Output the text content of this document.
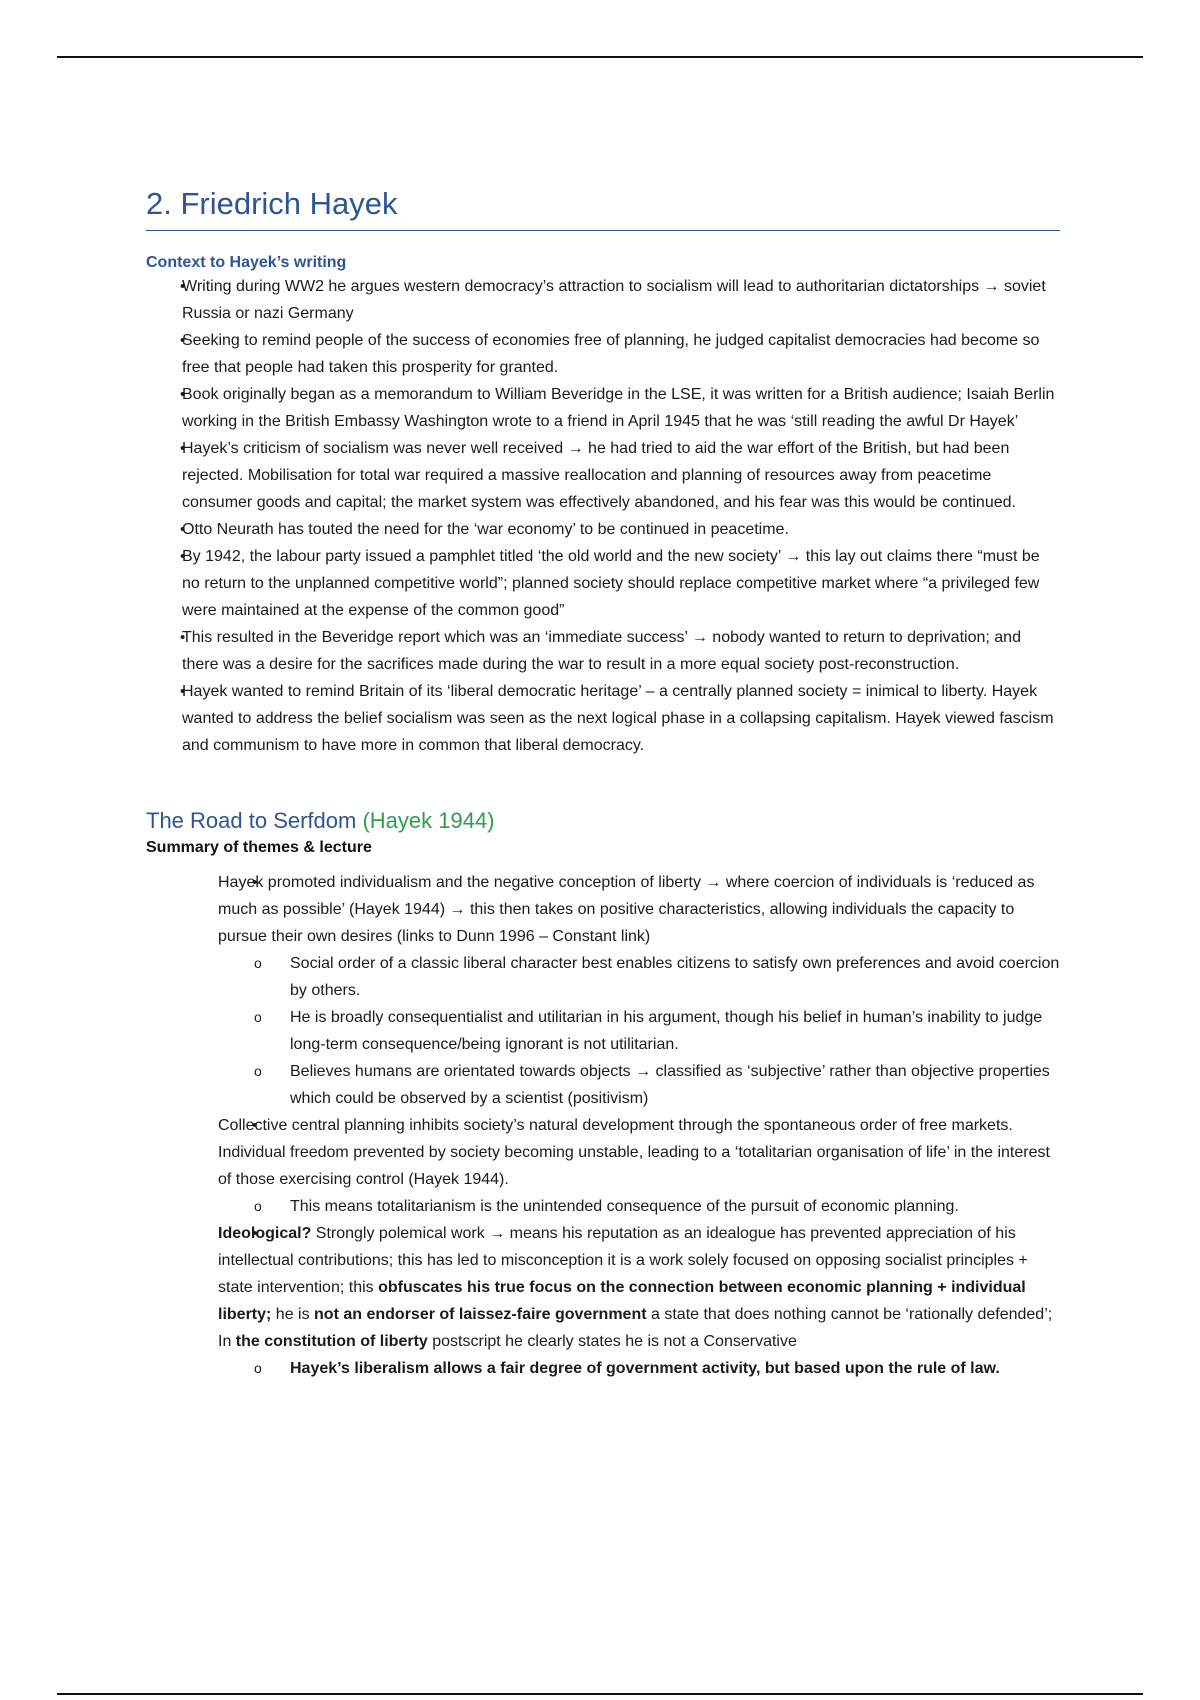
2. Friedrich Hayek
Context to Hayek’s writing
• Writing during WW2 he argues western democracy’s attraction to socialism will lead to authoritarian dictatorships → soviet Russia or nazi Germany
• Seeking to remind people of the success of economies free of planning, he judged capitalist democracies had become so free that people had taken this prosperity for granted.
• Book originally began as a memorandum to William Beveridge in the LSE, it was written for a British audience; Isaiah Berlin working in the British Embassy Washington wrote to a friend in April 1945 that he was ‘still reading the awful Dr Hayek’
• Hayek’s criticism of socialism was never well received → he had tried to aid the war effort of the British, but had been rejected. Mobilisation for total war required a massive reallocation and planning of resources away from peacetime consumer goods and capital; the market system was effectively abandoned, and his fear was this would be continued.
• Otto Neurath has touted the need for the ‘war economy’ to be continued in peacetime.
• By 1942, the labour party issued a pamphlet titled ‘the old world and the new society’ → this lay out claims there “must be no return to the unplanned competitive world”; planned society should replace competitive market where “a privileged few were maintained at the expense of the common good”
• This resulted in the Beveridge report which was an ‘immediate success’ → nobody wanted to return to deprivation; and there was a desire for the sacrifices made during the war to result in a more equal society post-reconstruction.
• Hayek wanted to remind Britain of its ‘liberal democratic heritage’ – a centrally planned society = inimical to liberty. Hayek wanted to address the belief socialism was seen as the next logical phase in a collapsing capitalism. Hayek viewed fascism and communism to have more in common that liberal democracy.
The Road to Serfdom (Hayek 1944)
Summary of themes & lecture
• Hayek promoted individualism and the negative conception of liberty → where coercion of individuals is ‘reduced as much as possible’ (Hayek 1944) → this then takes on positive characteristics, allowing individuals the capacity to pursue their own desires (links to Dunn 1996 – Constant link)
o Social order of a classic liberal character best enables citizens to satisfy own preferences and avoid coercion by others.
o He is broadly consequentialist and utilitarian in his argument, though his belief in human’s inability to judge long-term consequence/being ignorant is not utilitarian.
o Believes humans are orientated towards objects → classified as ‘subjective’ rather than objective properties which could be observed by a scientist (positivism)
• Collective central planning inhibits society’s natural development through the spontaneous order of free markets. Individual freedom prevented by society becoming unstable, leading to a ‘totalitarian organisation of life’ in the interest of those exercising control (Hayek 1944).
o This means totalitarianism is the unintended consequence of the pursuit of economic planning.
• Ideological? Strongly polemical work → means his reputation as an idealogue has prevented appreciation of his intellectual contributions; this has led to misconception it is a work solely focused on opposing socialist principles + state intervention; this obfuscates his true focus on the connection between economic planning + individual liberty; he is not an endorser of laissez-faire government a state that does nothing cannot be ‘rationally defended’; In the constitution of liberty postscript he clearly states he is not a Conservative
o Hayek’s liberalism allows a fair degree of government activity, but based upon the rule of law.
